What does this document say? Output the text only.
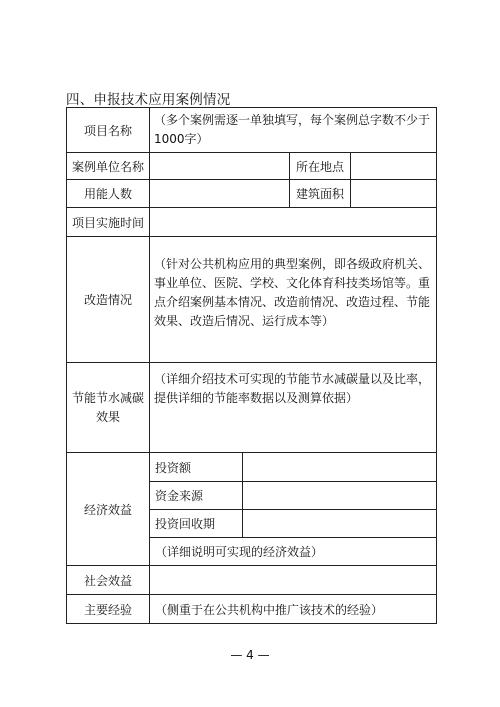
四、申报技术应用案例情况
项目名称	（多个案例需逐一单独填写，每个案例总字数不少于1000字）			
案例单位名称			所在地点	
用能人数			建筑面积	
项目实施时间				
改造情况	（针对公共机构应用的典型案例，即各级政府机关、事业单位、医院、学校、文化体育科技类场馆等。重点介绍案例基本情况、改造前情况、改造过程、节能效果、改造后情况、运行成本等）			
节能节水减碳
效果	（详细介绍技术可实现的节能节水减碳量以及比率，提供详细的节能率数据以及测算依据）			
经济效益	投资额			
	资金来源			
	投资回收期			
	（详细说明可实现的经济效益）			
社会效益				
主要经验	（侧重于在公共机构中推广该技术的经验）			
— 4 —
